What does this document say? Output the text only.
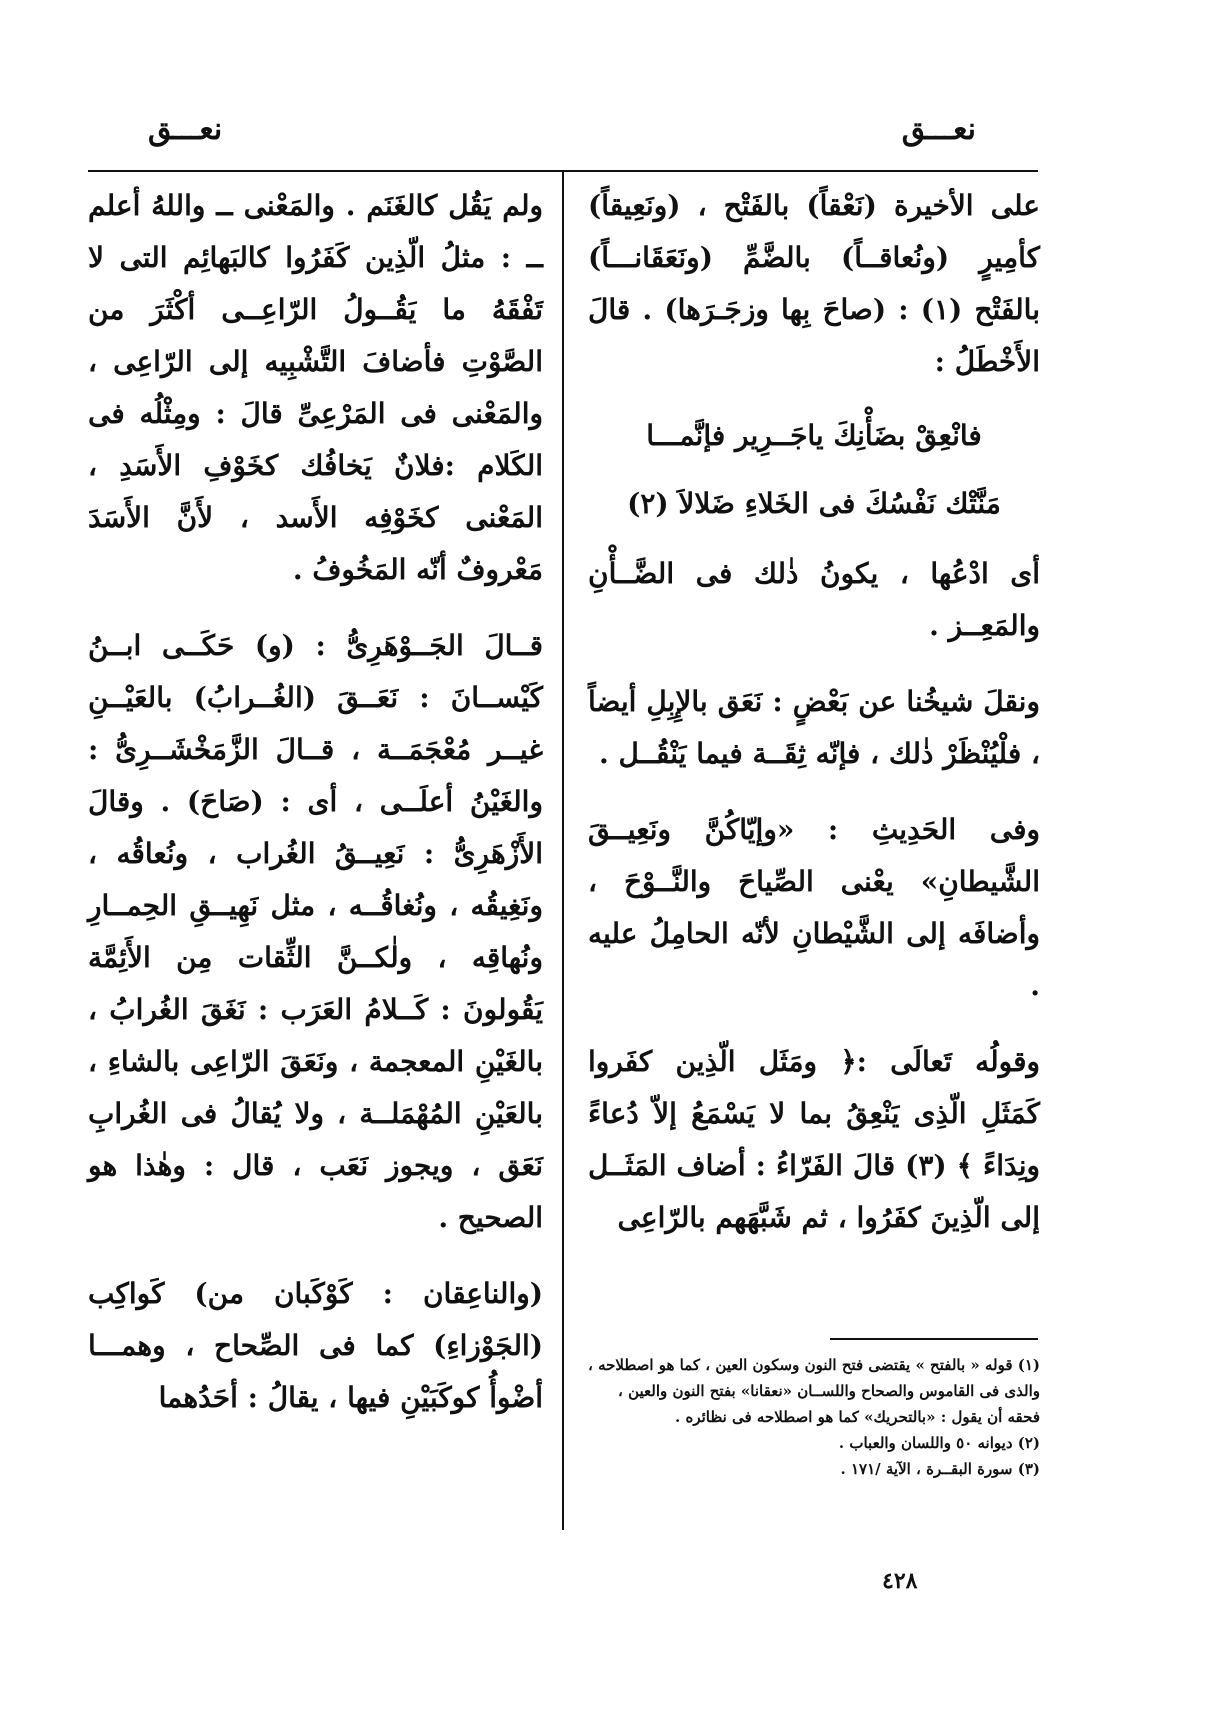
نعـــق
نعـــق

على الأخيرة (نَعْقاً) بالفَتْح ، (ونَعِيقاً) كأمِيرٍ (ونُعاقــاً) بالضَّمِّ (ونَعَقَانـــاً) بالفَتْح (١) : (صاحَ بِها وزجَـرَها) . قالَ الأَخْطَلُ :

فانْعِقْ بضَأْنِكَ ياجَــرِير فإنَّمـــا

مَنَّتْك نَفْسُكَ فى الخَلاءِ ضَلالاَ (٢)

أى ادْعُها ، يكونُ ذٰلك فى الضَّــأْنِ والمَعِــز .

ونقلَ شيخُنا عن بَعْضٍ : نَعَق بالإِبِلِ أيضاً ، فلْيُنْظَرْ ذٰلك ، فإنّه ثِقَــة فيما يَنْقُــل .

وفى الحَدِيثِ : «وإيّاكُنَّ ونَعِيــقَ الشَّيطانِ» يعْنى الصِّياحَ والنَّــوْحَ ، وأضافَه إلى الشَّيْطانِ لأنّه الحامِلُ عليه .

وقولُه تَعالَى :﴿ ومَثَل الّذِين كفَروا كَمَثَلِ الّذِى يَنْعِقُ بما لا يَسْمَعُ إلاّ دُعاءً ونِدَاءً ﴾ (٣) قالَ الفَرّاءُ : أضاف المَثَــل إلى الّذِينَ كفَرُوا ، ثم شَبَّهَهم بالرّاعِى

ولم يَقُل كالغَنَم . والمَعْنى ــ واللهُ أعلم ــ : مثلُ الّذِين كَفَرُوا كالبَهائِم التى لا تَفْقَهُ ما يَقُــولُ الرّاعِــى أكْثَرَ من الصَّوْتِ فأضافَ التَّشْبِيه إلى الرّاعِى ، والمَعْنى فى المَرْعِىِّ قالَ : ومِثْلُه فى الكَلام :فلانٌ يَخافُك كخَوْفِ الأَسَدِ ، المَعْنى كخَوْفِه الأَسد ، لأَنَّ الأَسَدَ مَعْروفٌ أنّه المَخُوفُ .

قــالَ الجَــوْهَرِىُّ : (و) حَكَــى ابــنُ كَيْســانَ : نَعَــقَ (الغُــرابُ) بالعَيْــنِ غيــر مُعْجَمَــة ، قــالَ الزَّمَخْشَــرِىُّ : والغَيْنُ أعلَــى ، أى : (صَاحَ) . وقالَ الأَزْهَرِىُّ : نَعِيــقُ الغُراب ، ونُعاقُه ، ونَغِيقُه ، ونُغاقُــه ، مثل نَهِيــقِ الحِمــارِ ونُهاقِه ، ولٰكــنَّ الثِّقات مِن الأَئِمَّة يَقُولونَ : كَــلامُ العَرَب : نَغَقَ الغُرابُ ، بالغَيْنِ المعجمة ، ونَعَقَ الرّاعِى بالشاءِ ، بالعَيْنِ المُهْمَلــة ، ولا يُقالُ فى الغُرابِ نَعَق ، ويجوز نَعَب ، قال : وهٰذا هو الصحيح .

(والناعِقان : كَوْكَبان من) كَواكِب (الجَوْزاءِ) كما فى الصِّحاح ، وهمـــا أضْوأُ كوكَبَيْنِ فيها ، يقالُ : أحَدُهما

(١) قوله « بالفتح » يقتضى فتح النون وسكون العين ، كما هو اصطلاحه ، والذى فى القاموس والصحاح واللســان «نعقانا» بفتح النون والعين ، فحقه أن يقول : «بالتحريك» كما هو اصطلاحه فى نظائره .
(٢) ديوانه ٥٠ واللسان والعباب .
(٣) سورة البقــرة ، الآية /١٧١ .
٤٢٨
